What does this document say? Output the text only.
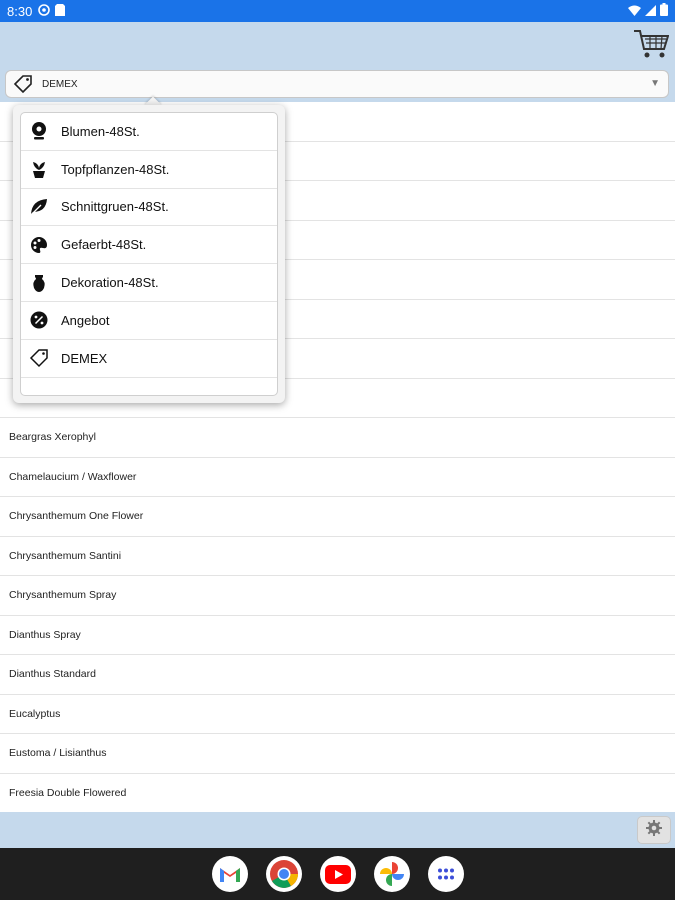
8:30
DEMEX	▼
Beargras Xerophyl
Chamelaucium / Waxflower
Chrysanthemum One Flower
Chrysanthemum Santini
Chrysanthemum Spray
Dianthus Spray
Dianthus Standard
Eucalyptus
Eustoma / Lisianthus
Freesia Double Flowered
Blumen-48St.
Topfpflanzen-48St.
Schnittgruen-48St.
Gefaerbt-48St.
Dekoration-48St.
Angebot
DEMEX
